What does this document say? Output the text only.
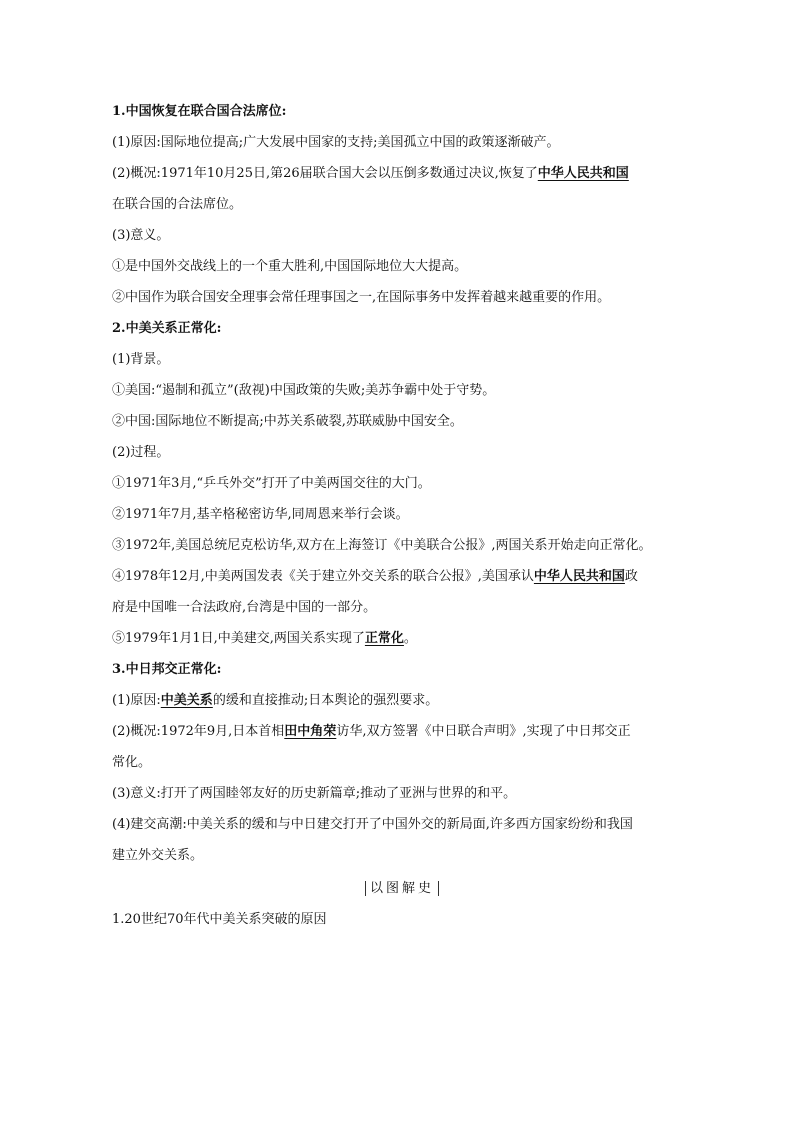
1.中国恢复在联合国合法席位:
(1)原因:国际地位提高;广大发展中国家的支持;美国孤立中国的政策逐渐破产。
(2)概况:1971年10月25日,第26届联合国大会以压倒多数通过决议,恢复了中华人民共和国
在联合国的合法席位。
(3)意义。
①是中国外交战线上的一个重大胜利,中国国际地位大大提高。
②中国作为联合国安全理事会常任理事国之一,在国际事务中发挥着越来越重要的作用。
2.中美关系正常化:
(1)背景。
①美国:“遏制和孤立”(敌视)中国政策的失败;美苏争霸中处于守势。
②中国:国际地位不断提高;中苏关系破裂,苏联威胁中国安全。
(2)过程。
①1971年3月,“乒乓外交”打开了中美两国交往的大门。
②1971年7月,基辛格秘密访华,同周恩来举行会谈。
③1972年,美国总统尼克松访华,双方在上海签订《中美联合公报》,两国关系开始走向正常化。
④1978年12月,中美两国发表《关于建立外交关系的联合公报》,美国承认中华人民共和国政
府是中国唯一合法政府,台湾是中国的一部分。
⑤1979年1月1日,中美建交,两国关系实现了正常化。
3.中日邦交正常化:
(1)原因:中美关系的缓和直接推动;日本舆论的强烈要求。
(2)概况:1972年9月,日本首相田中角荣访华,双方签署《中日联合声明》,实现了中日邦交正
常化。
(3)意义:打开了两国睦邻友好的历史新篇章;推动了亚洲与世界的和平。
(4)建交高潮:中美关系的缓和与中日建交打开了中国外交的新局面,许多西方国家纷纷和我国
建立外交关系。
以图解史
1.20世纪70年代中美关系突破的原因
